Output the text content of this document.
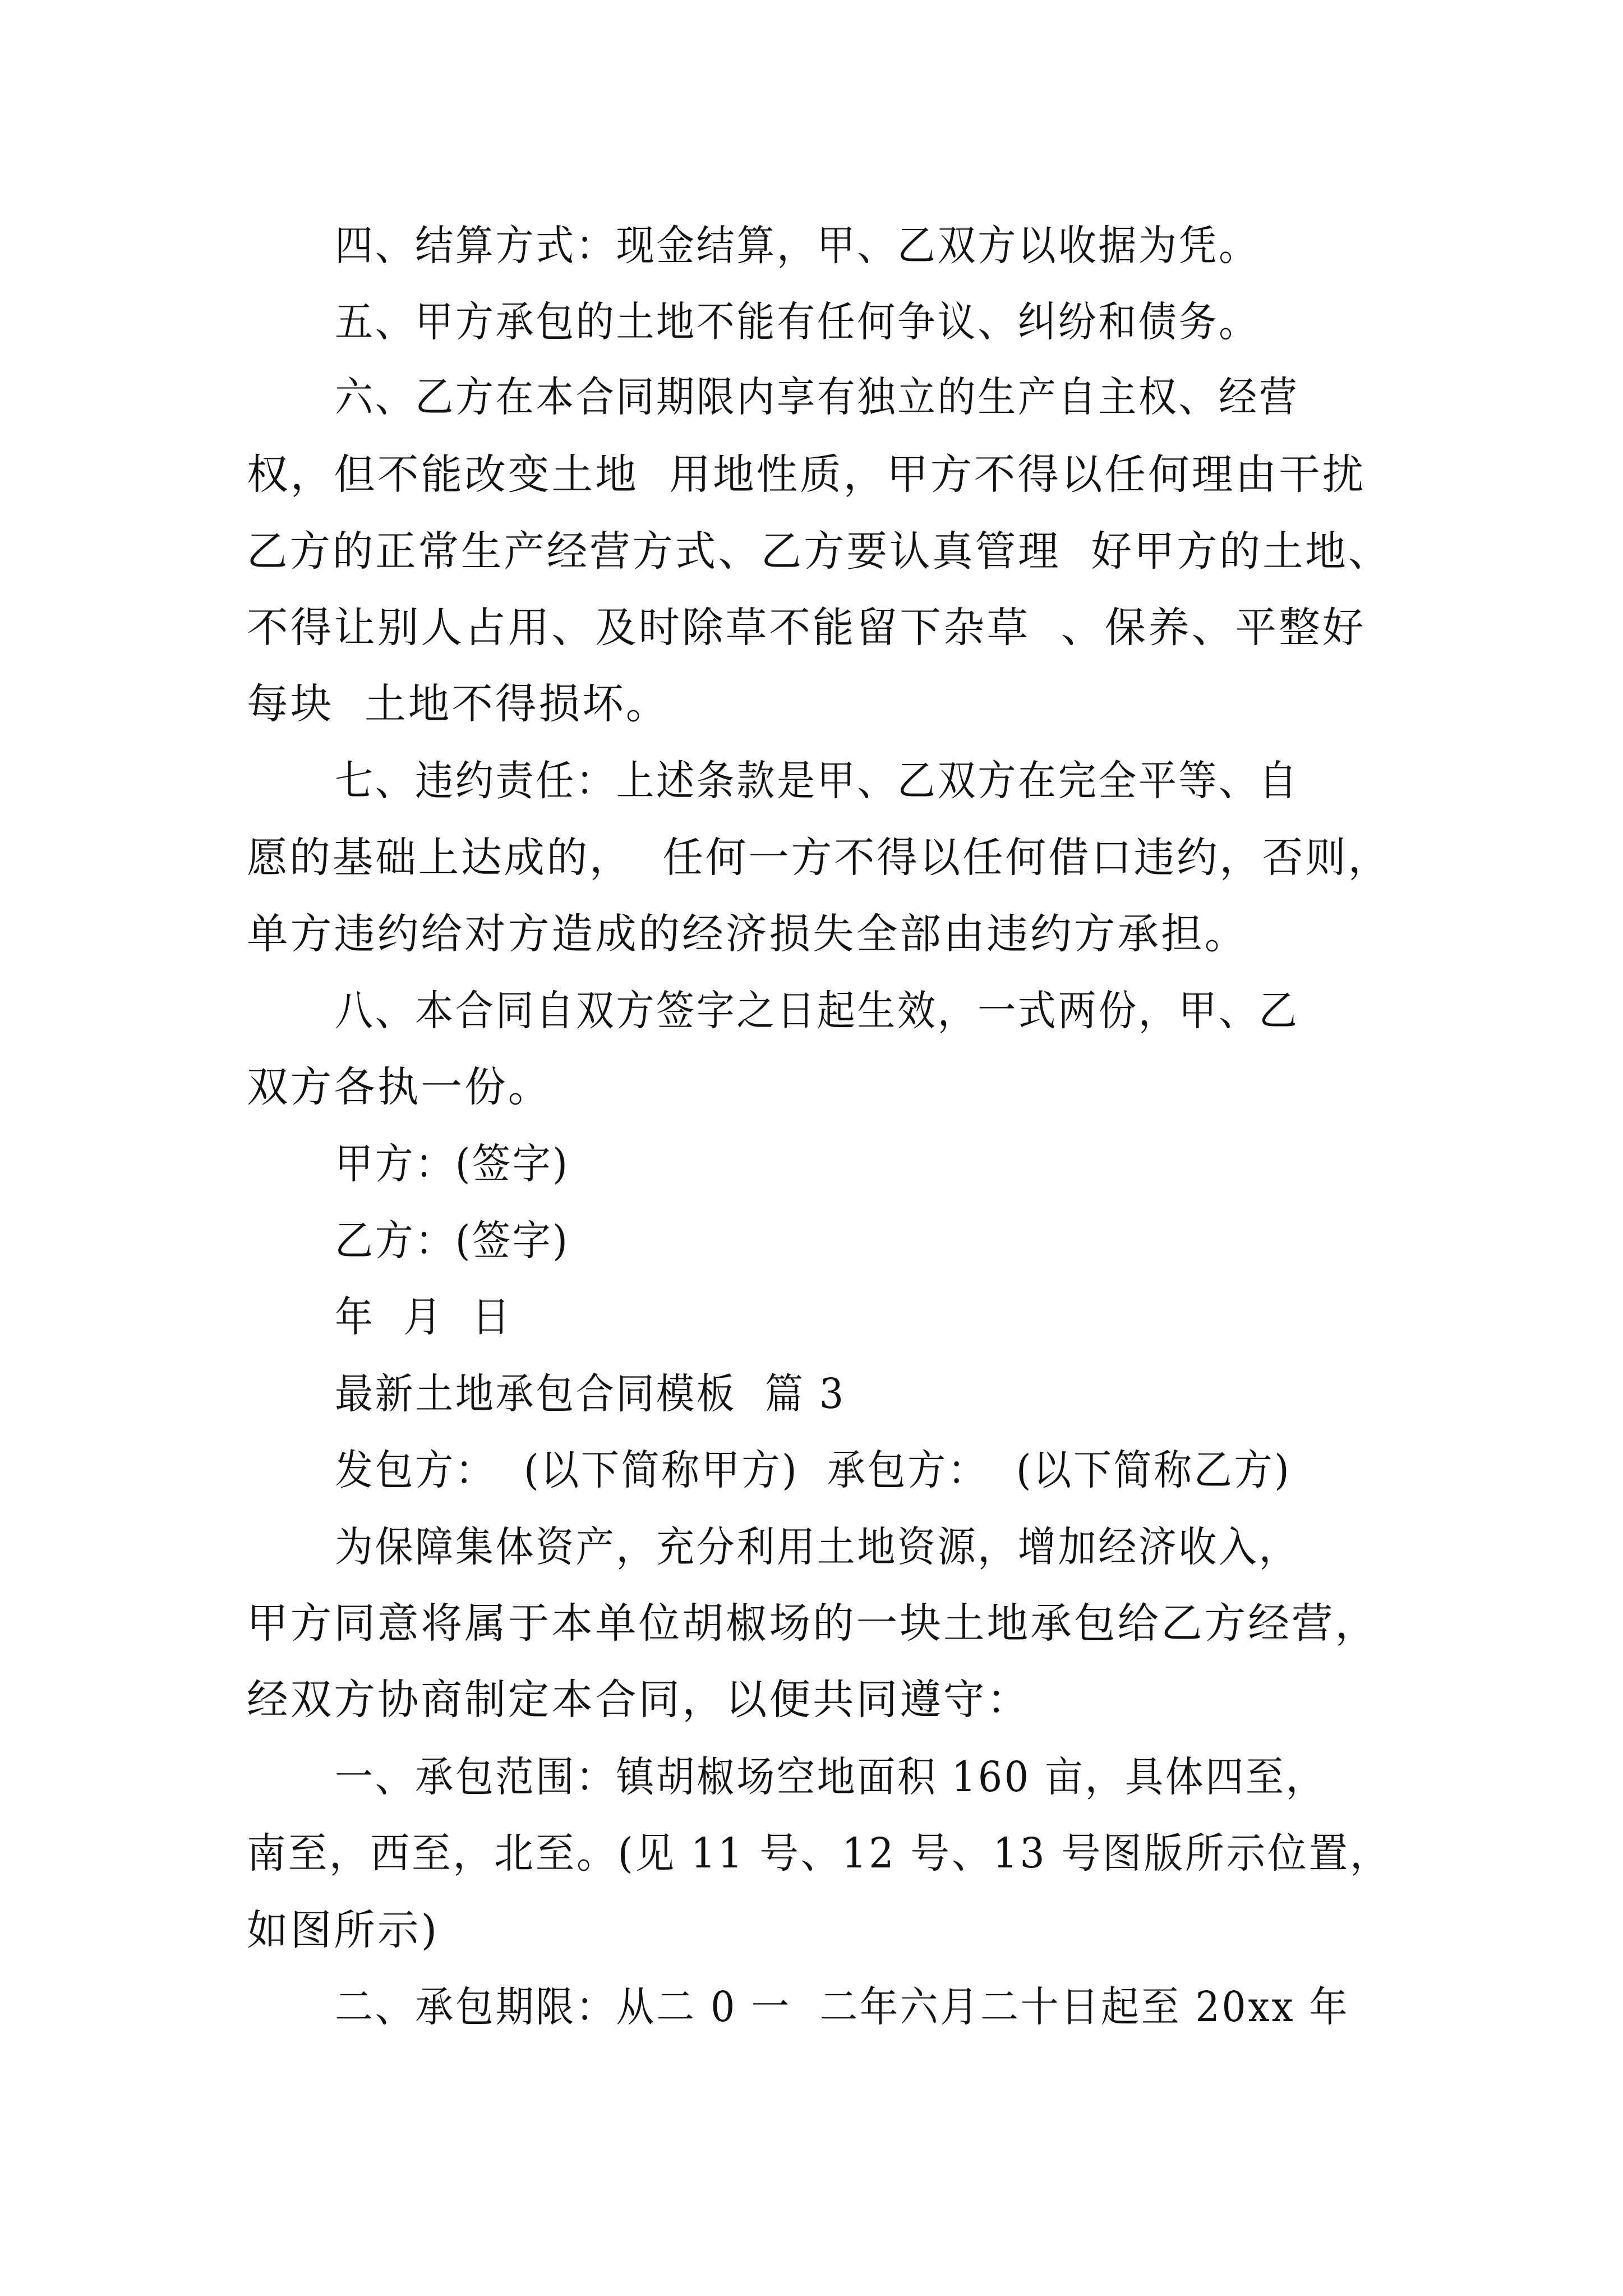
四、结算方式：现金结算，甲、乙双方以收据为凭。
五、甲方承包的土地不能有任何争议、纠纷和债务。
六、乙方在本合同期限内享有独立的生产自主权、经营
权，但不能改变土地  用地性质，甲方不得以任何理由干扰
乙方的正常生产经营方式、乙方要认真管理  好甲方的土地、
不得让别人占用、及时除草不能留下杂草  、保养、平整好
每块  土地不得损坏。
七、违约责任：上述条款是甲、乙双方在完全平等、自
愿的基础上达成的，  任何一方不得以任何借口违约，否则，
单方违约给对方造成的经济损失全部由违约方承担。
八、本合同自双方签字之日起生效，一式两份，甲、乙
双方各执一份。
甲方：(签字)
乙方：(签字)
年  月  日
最新土地承包合同模板  篇 3
发包方：  (以下简称甲方)  承包方：  (以下简称乙方)
为保障集体资产，充分利用土地资源，增加经济收入，
甲方同意将属于本单位胡椒场的一块土地承包给乙方经营，
经双方协商制定本合同，以便共同遵守：
一、承包范围：镇胡椒场空地面积 160 亩，具体四至，
南至，西至，北至。(见 11 号、12 号、13 号图版所示位置，
如图所示)
二、承包期限：从二 0 一  二年六月二十日起至 20xx 年
